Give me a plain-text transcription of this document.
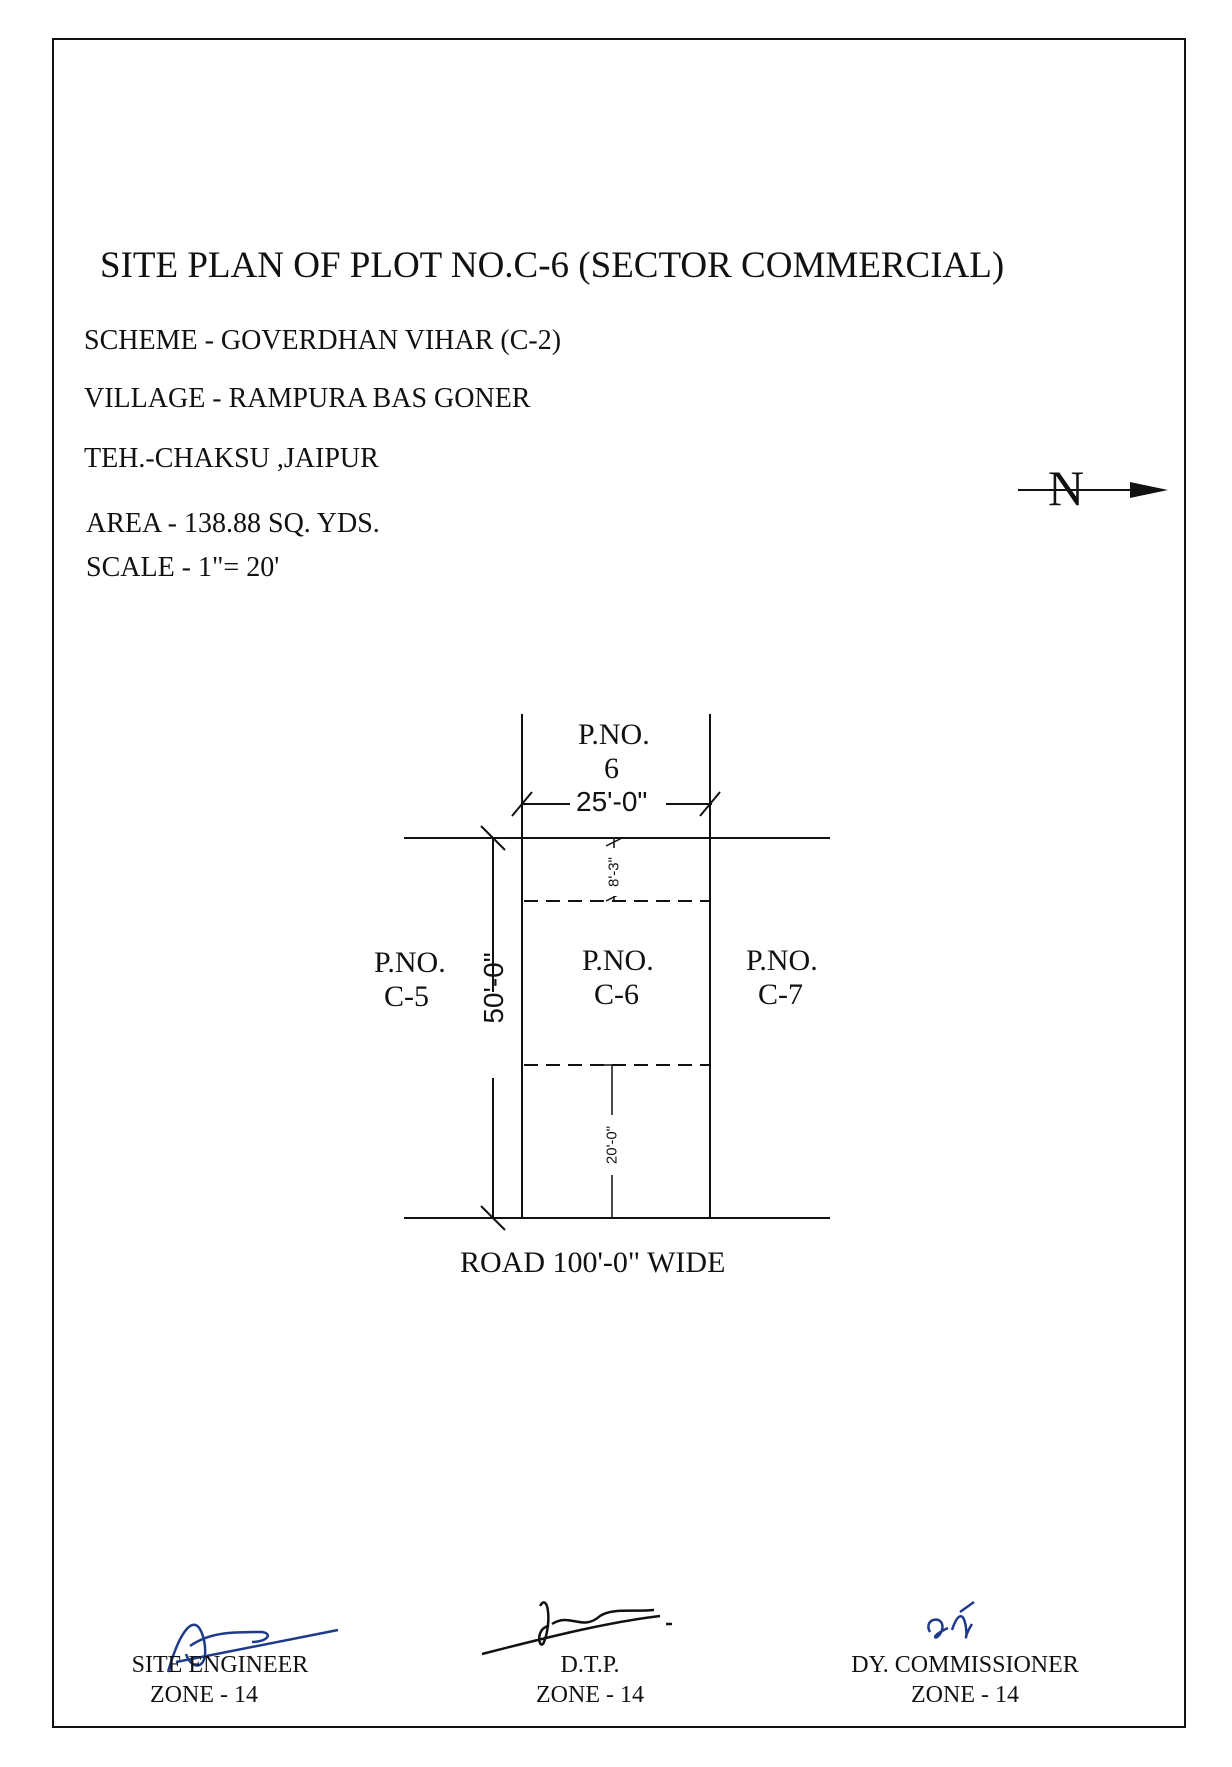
SITE PLAN OF PLOT NO.C-6 (SECTOR COMMERCIAL)
SCHEME - GOVERDHAN VIHAR (C-2)
VILLAGE - RAMPURA BAS GONER
TEH.-CHAKSU ,JAIPUR
AREA - 138.88 SQ. YDS.
SCALE - 1"= 20'
N
P.NO.
6
25'-0"
50'-0"
8'-3"
20'-0"
P.NO.
C-6
P.NO.
C-5
P.NO.
C-7
ROAD 100'-0" WIDE
SITE ENGINEER
ZONE - 14
D.T.P.
ZONE - 14
DY. COMMISSIONER
ZONE - 14
